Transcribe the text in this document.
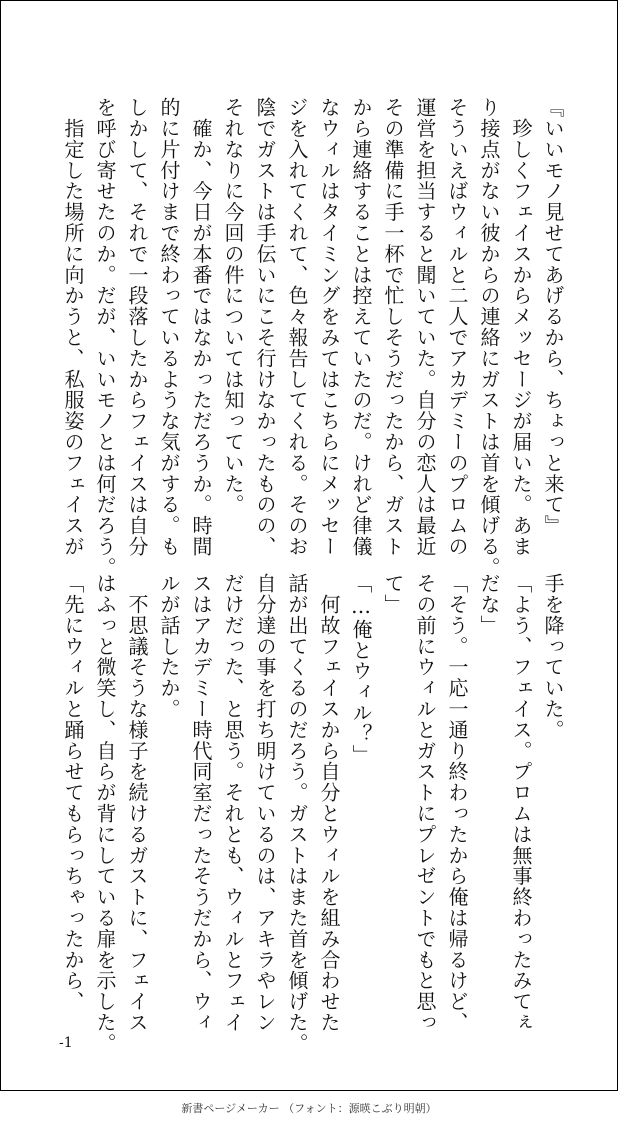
『いいモノ見せてあげるから、ちょっと来て』
　珍しくフェイスからメッセージが届いた。あま
り接点がない彼からの連絡にガストは首を傾げる。
そういえばウィルと二人でアカデミーのプロムの
運営を担当すると聞いていた。自分の恋人は最近
その準備に手一杯で忙しそうだったから、ガスト
から連絡することは控えていたのだ。けれど律儀
なウィルはタイミングをみてはこちらにメッセー
ジを入れてくれて、色々報告してくれる。そのお
陰でガストは手伝いにこそ行けなかったものの、
それなりに今回の件については知っていた。
　確か、今日が本番ではなかっただろうか。時間
的に片付けまで終わっているような気がする。も
しかして、それで一段落したからフェイスは自分
を呼び寄せたのか。だが、いいモノとは何だろう。
　指定した場所に向かうと、私服姿のフェイスが
手を降っていた。
「よう、フェイス。プロムは無事終わったみてぇ
だな」
「そう。一応一通り終わったから俺は帰るけど、
その前にウィルとガストにプレゼントでもと思っ
て」
「…俺とウィル？」
　何故フェイスから自分とウィルを組み合わせた
話が出てくるのだろう。ガストはまた首を傾げた。
自分達の事を打ち明けているのは、アキラやレン
だけだった、と思う。それとも、ウィルとフェイ
スはアカデミー時代同室だったそうだから、ウィ
ルが話したか。
　不思議そうな様子を続けるガストに、フェイス
はふっと微笑し、自らが背にしている扉を示した。
「先にウィルと踊らせてもらっちゃったから、
-1
新書ページメーカー （フォント：源暎こぶり明朝）
